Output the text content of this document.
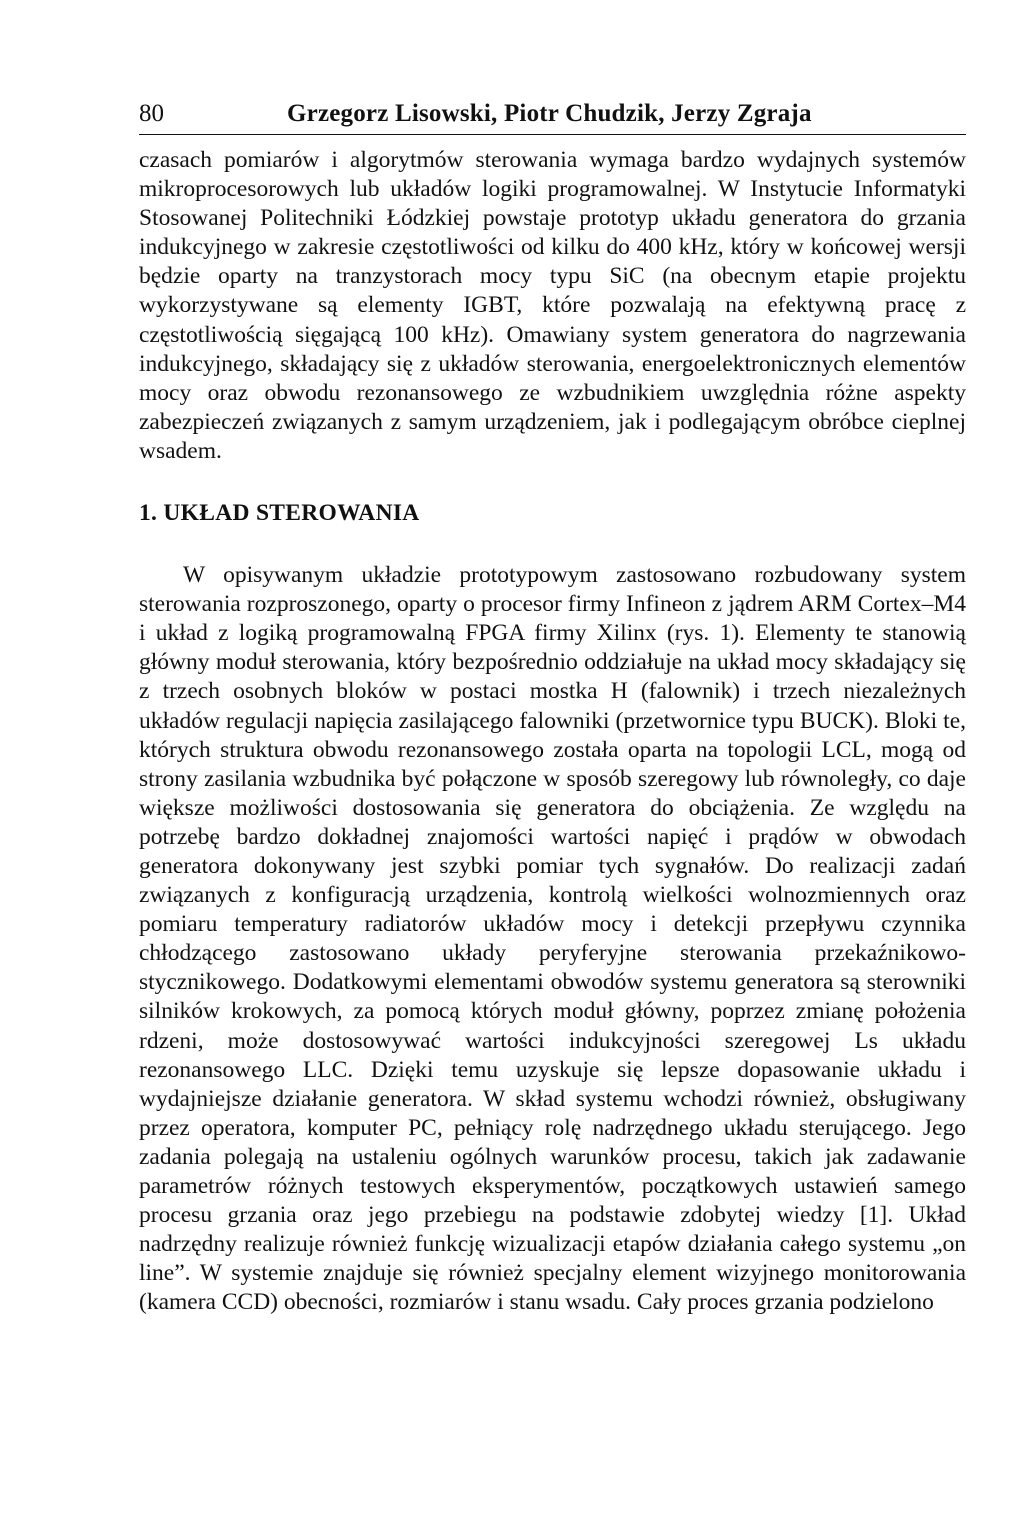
80	Grzegorz Lisowski, Piotr Chudzik, Jerzy Zgraja

czasach pomiarów i algorytmów sterowania wymaga bardzo wydajnych systemów mikroprocesorowych lub układów logiki programowalnej. W Instytucie Informatyki Stosowanej Politechniki Łódzkiej powstaje prototyp układu generatora do grzania indukcyjnego w zakresie częstotliwości od kilku do 400 kHz, który w końcowej wersji będzie oparty na tranzystorach mocy typu SiC (na obecnym etapie projektu wykorzystywane są elementy IGBT, które pozwalają na efektywną pracę z częstotliwością sięgającą 100 kHz). Omawiany system generatora do nagrzewania indukcyjnego, składający się z układów sterowania, energoelektronicznych elementów mocy oraz obwodu rezonansowego ze wzbudnikiem uwzględnia różne aspekty zabezpieczeń związanych z samym urządzeniem, jak i podlegającym obróbce cieplnej wsadem.

1. UKŁAD STEROWANIA

W opisywanym układzie prototypowym zastosowano rozbudowany system sterowania rozproszonego, oparty o procesor firmy Infineon z jądrem ARM Cortex–M4 i układ z logiką programowalną FPGA firmy Xilinx (rys. 1). Elementy te stanowią główny moduł sterowania, który bezpośrednio oddziałuje na układ mocy składający się z trzech osobnych bloków w postaci mostka H (falownik) i trzech niezależnych układów regulacji napięcia zasilającego falowniki (przetwornice typu BUCK). Bloki te, których struktura obwodu rezonansowego została oparta na topologii LCL, mogą od strony zasilania wzbudnika być połączone w sposób szeregowy lub równoległy, co daje większe możliwości dostosowania się generatora do obciążenia. Ze względu na potrzebę bardzo dokładnej znajomości wartości napięć i prądów w obwodach generatora dokonywany jest szybki pomiar tych sygnałów. Do realizacji zadań związanych z konfiguracją urządzenia, kontrolą wielkości wolnozmiennych oraz pomiaru temperatury radiatorów układów mocy i detekcji przepływu czynnika chłodzącego zastosowano układy peryferyjne sterowania przekaźnikowo-stycznikowego. Dodatkowymi elementami obwodów systemu generatora są sterowniki silników krokowych, za pomocą których moduł główny, poprzez zmianę położenia rdzeni, może dostosowywać wartości indukcyjności szeregowej Ls układu rezonansowego LLC. Dzięki temu uzyskuje się lepsze dopasowanie układu i wydajniejsze działanie generatora. W skład systemu wchodzi również, obsługiwany przez operatora, komputer PC, pełniący rolę nadrzędnego układu sterującego. Jego zadania polegają na ustaleniu ogólnych warunków procesu, takich jak zadawanie parametrów różnych testowych eksperymentów, początkowych ustawień samego procesu grzania oraz jego przebiegu na podstawie zdobytej wiedzy [1]. Układ nadrzędny realizuje również funkcję wizualizacji etapów działania całego systemu „on line”. W systemie znajduje się również specjalny element wizyjnego monitorowania (kamera CCD) obecności, rozmiarów i stanu wsadu. Cały proces grzania podzielono
